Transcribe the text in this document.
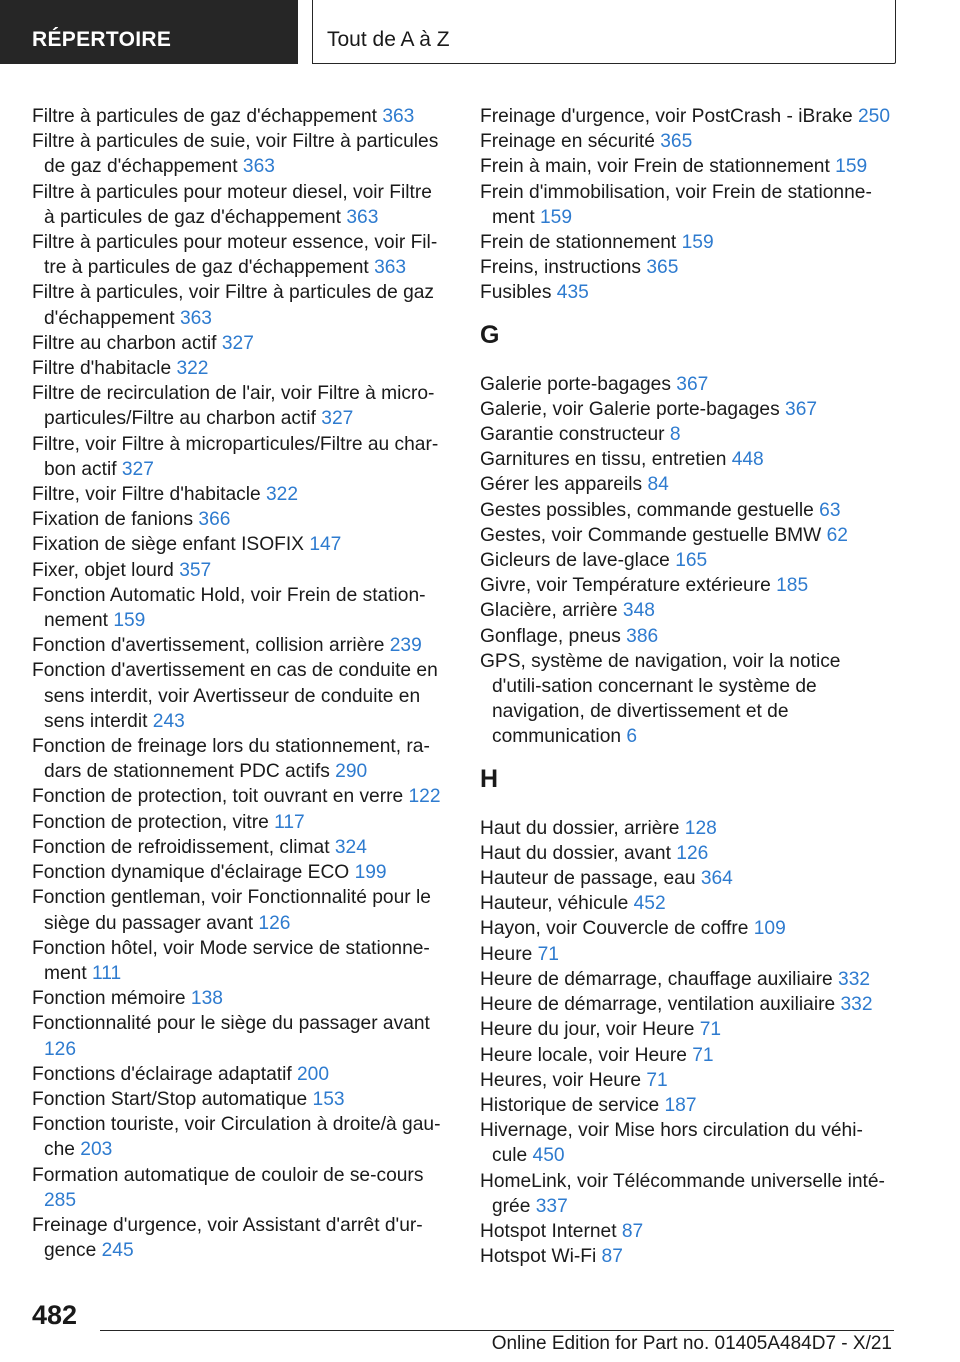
RÉPERTOIRE	Tout de A à Z
Filtre à particules de gaz d'échappement 363
Filtre à particules de suie, voir Filtre à particules de gaz d'échappement 363
Filtre à particules pour moteur diesel, voir Filtre à particules de gaz d'échappement 363
Filtre à particules pour moteur essence, voir Fil-tre à particules de gaz d'échappement 363
Filtre à particules, voir Filtre à particules de gaz d'échappement 363
Filtre au charbon actif 327
Filtre d'habitacle 322
Filtre de recirculation de l'air, voir Filtre à micro-particules/Filtre au charbon actif 327
Filtre, voir Filtre à microparticules/Filtre au char-bon actif 327
Filtre, voir Filtre d'habitacle 322
Fixation de fanions 366
Fixation de siège enfant ISOFIX 147
Fixer, objet lourd 357
Fonction Automatic Hold, voir Frein de station-nement 159
Fonction d'avertissement, collision arrière 239
Fonction d'avertissement en cas de conduite en sens interdit, voir Avertisseur de conduite en sens interdit 243
Fonction de freinage lors du stationnement, ra-dars de stationnement PDC actifs 290
Fonction de protection, toit ouvrant en verre 122
Fonction de protection, vitre 117
Fonction de refroidissement, climat 324
Fonction dynamique d'éclairage ECO 199
Fonction gentleman, voir Fonctionnalité pour le siège du passager avant 126
Fonction hôtel, voir Mode service de stationne-ment 111
Fonction mémoire 138
Fonctionnalité pour le siège du passager avant 126
Fonctions d'éclairage adaptatif 200
Fonction Start/Stop automatique 153
Fonction touriste, voir Circulation à droite/à gau-che 203
Formation automatique de couloir de se-cours 285
Freinage d'urgence, voir Assistant d'arrêt d'ur-gence 245
Freinage d'urgence, voir PostCrash - iBrake 250
Freinage en sécurité 365
Frein à main, voir Frein de stationnement 159
Frein d'immobilisation, voir Frein de stationne-ment 159
Frein de stationnement 159
Freins, instructions 365
Fusibles 435
G
Galerie porte-bagages 367
Galerie, voir Galerie porte-bagages 367
Garantie constructeur 8
Garnitures en tissu, entretien 448
Gérer les appareils 84
Gestes possibles, commande gestuelle 63
Gestes, voir Commande gestuelle BMW 62
Gicleurs de lave-glace 165
Givre, voir Température extérieure 185
Glacière, arrière 348
Gonflage, pneus 386
GPS, système de navigation, voir la notice d'utili-sation concernant le système de navigation, de divertissement et de communication 6
H
Haut du dossier, arrière 128
Haut du dossier, avant 126
Hauteur de passage, eau 364
Hauteur, véhicule 452
Hayon, voir Couvercle de coffre 109
Heure 71
Heure de démarrage, chauffage auxiliaire 332
Heure de démarrage, ventilation auxiliaire 332
Heure du jour, voir Heure 71
Heure locale, voir Heure 71
Heures, voir Heure 71
Historique de service 187
Hivernage, voir Mise hors circulation du véhi-cule 450
HomeLink, voir Télécommande universelle inté-grée 337
Hotspot Internet 87
Hotspot Wi-Fi 87
482
Online Edition for Part no. 01405A484D7 - X/21
